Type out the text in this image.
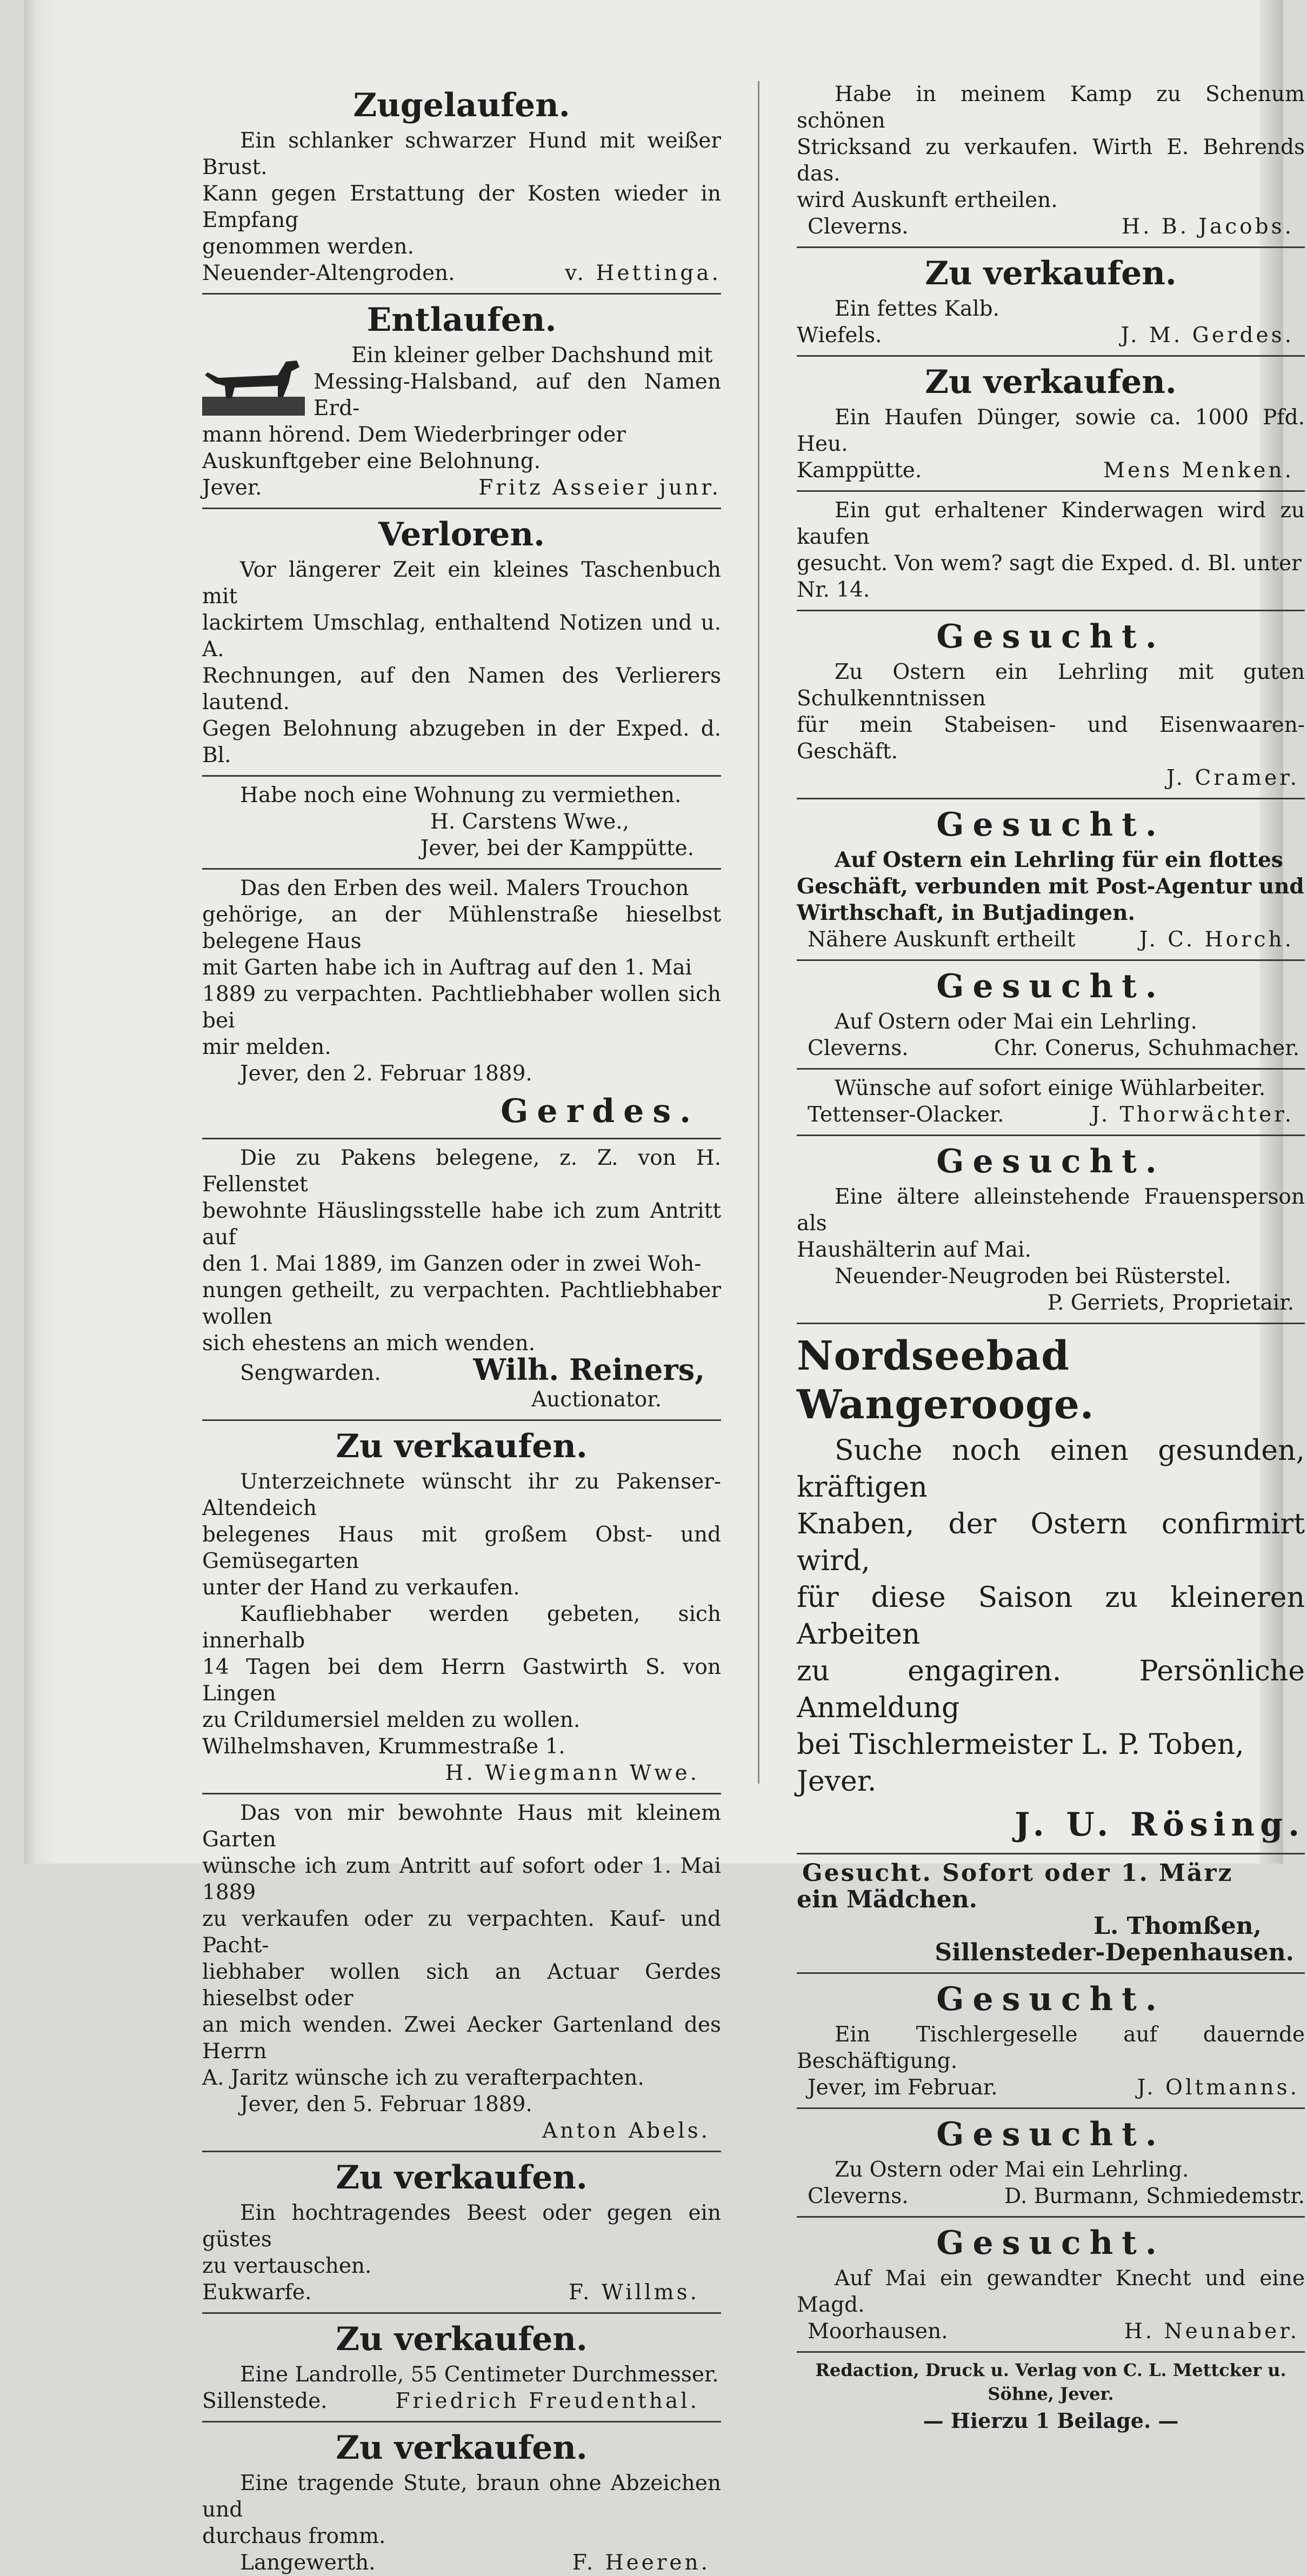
Zugelaufen.

Ein schlanker schwarzer Hund mit weißer Brust.

Kann gegen Erstattung der Kosten wieder in Empfang

genommen werden.

Neuender-Altengroden.	v. Hettinga.
Entlaufen.

Ein kleiner gelber Dachshund mit

Messing-Halsband, auf den Namen Erd-

mann hörend. Dem Wiederbringer oder

Auskunftgeber eine Belohnung.

Jever.	Fritz Asseier junr.
Verloren.

Vor längerer Zeit ein kleines Taschenbuch mit

lackirtem Umschlag, enthaltend Notizen und u. A.

Rechnungen, auf den Namen des Verlierers lautend.

Gegen Belohnung abzugeben in der Exped. d. Bl.

Habe noch eine Wohnung zu vermiethen.

H. Carstens Wwe.,
Jever, bei der Kamppütte.

Das den Erben des weil. Malers Trouchon

gehörige, an der Mühlenstraße hieselbst belegene Haus

mit Garten habe ich in Auftrag auf den 1. Mai

1889 zu verpachten. Pachtliebhaber wollen sich bei

mir melden.

Jever, den 2. Februar 1889.

Gerdes.

Die zu Pakens belegene, z. Z. von H. Fellenstet

bewohnte Häuslingsstelle habe ich zum Antritt auf

den 1. Mai 1889, im Ganzen oder in zwei Woh-

nungen getheilt, zu verpachten. Pachtliebhaber wollen

sich ehestens an mich wenden.

Sengwarden.	Wilh. Reiners,
Auctionator.
Zu verkaufen.

Unterzeichnete wünscht ihr zu Pakenser-Altendeich

belegenes Haus mit großem Obst- und Gemüsegarten

unter der Hand zu verkaufen.

Kaufliebhaber werden gebeten, sich innerhalb

14 Tagen bei dem Herrn Gastwirth S. von Lingen

zu Crildumersiel melden zu wollen.

Wilhelmshaven, Krummestraße 1.

H. Wiegmann Wwe.

Das von mir bewohnte Haus mit kleinem Garten

wünsche ich zum Antritt auf sofort oder 1. Mai 1889

zu verkaufen oder zu verpachten. Kauf- und Pacht-

liebhaber wollen sich an Actuar Gerdes hieselbst oder

an mich wenden. Zwei Aecker Gartenland des Herrn

A. Jaritz wünsche ich zu verafterpachten.

Jever, den 5. Februar 1889.

Anton Abels.
Zu verkaufen.

Ein hochtragendes Beest oder gegen ein güstes

zu vertauschen.

Eukwarfe.	F. Willms.
Zu verkaufen.

Eine Landrolle, 55 Centimeter Durchmesser.

Sillenstede.	Friedrich Freudenthal.
Zu verkaufen.

Eine tragende Stute, braun ohne Abzeichen und

durchaus fromm.

Langewerth.	F. Heeren.

Habe in meinem Kamp zu Schenum schönen

Stricksand zu verkaufen. Wirth E. Behrends das.

wird Auskunft ertheilen.

Cleverns.	H. B. Jacobs.
Zu verkaufen.

Ein fettes Kalb.

Wiefels.	J. M. Gerdes.
Zu verkaufen.

Ein Haufen Dünger, sowie ca. 1000 Pfd. Heu.

Kamppütte.	Mens Menken.

Ein gut erhaltener Kinderwagen wird zu kaufen

gesucht. Von wem? sagt die Exped. d. Bl. unter

Nr. 14.

Gesucht.

Zu Ostern ein Lehrling mit guten Schulkenntnissen

für mein Stabeisen- und Eisenwaaren-Geschäft.

J. Cramer.
Gesucht.

Auf Ostern ein Lehrling für ein flottes

Geschäft, verbunden mit Post-Agentur und

Wirthschaft, in Butjadingen.

Nähere Auskunft ertheilt	J. C. Horch.
Gesucht.

Auf Ostern oder Mai ein Lehrling.

Cleverns.	Chr. Conerus, Schuhmacher.

Wünsche auf sofort einige Wühlarbeiter.

Tettenser-Olacker.	J. Thorwächter.
Gesucht.

Eine ältere alleinstehende Frauensperson als

Haushälterin auf Mai.

Neuender-Neugroden bei Rüsterstel.

P. Gerriets, Proprietair.
Nordseebad Wangerooge.

Suche noch einen gesunden, kräftigen

Knaben, der Ostern confirmirt wird,

für diese Saison zu kleineren Arbeiten

zu engagiren. Persönliche Anmeldung

bei Tischlermeister L. P. Toben,

Jever.

J. U. Rösing.

Gesucht. Sofort oder 1. März

ein Mädchen.

L. Thomßen,
Sillensteder-Depenhausen.
Gesucht.

Ein Tischlergeselle auf dauernde Beschäftigung.

Jever, im Februar.	J. Oltmanns.
Gesucht.

Zu Ostern oder Mai ein Lehrling.

Cleverns.	D. Burmann, Schmiedemstr.
Gesucht.

Auf Mai ein gewandter Knecht und eine Magd.

Moorhausen.	H. Neunaber.
Redaction, Druck u. Verlag von C. L. Mettcker u. Söhne, Jever.
— Hierzu 1 Beilage. —
